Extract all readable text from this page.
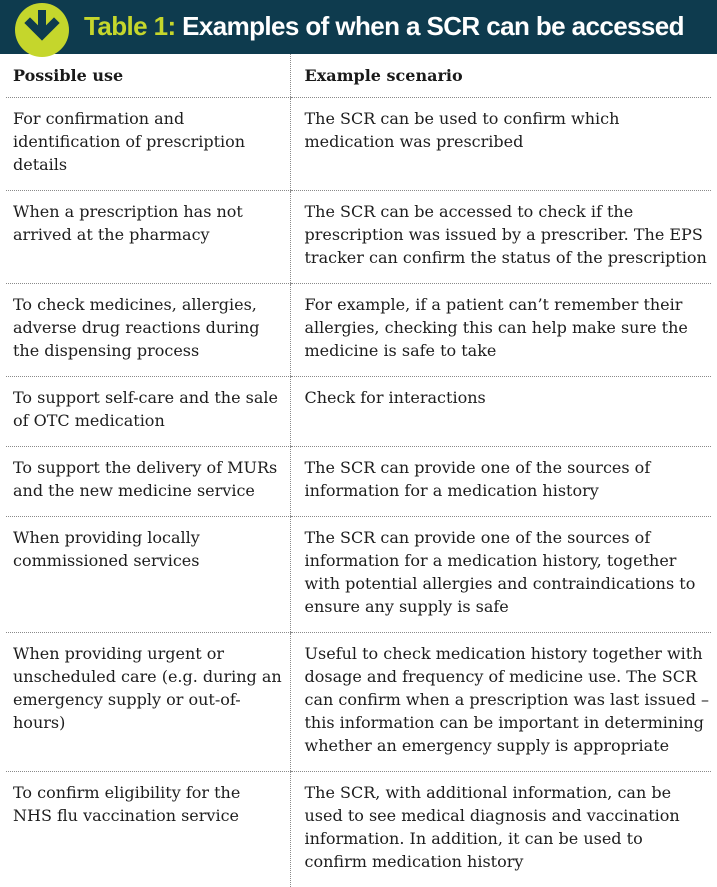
Table 1: Examples of when a SCR can be accessed
Possible use	Example scenario
For confirmation and identification of prescription details	The SCR can be used to confirm which medication was prescribed
When a prescription has not arrived at the pharmacy	The SCR can be accessed to check if the prescription was issued by a prescriber. The EPS tracker can confirm the status of the prescription
To check medicines, allergies, adverse drug reactions during the dispensing process	For example, if a patient can’t remember their allergies, checking this can help make sure the medicine is safe to take
To support self-care and the sale of OTC medication	Check for interactions
To support the delivery of MURs and the new medicine service	The SCR can provide one of the sources of information for a medication history
When providing locally commissioned services	The SCR can provide one of the sources of information for a medication history, together with potential allergies and contraindications to ensure any supply is safe
When providing urgent or unscheduled care (e.g. during an emergency supply or out-of-hours)	Useful to check medication history together with dosage and frequency of medicine use. The SCR can confirm when a prescription was last issued – this information can be important in determining whether an emergency supply is appropriate
To confirm eligibility for the NHS flu vaccination service	The SCR, with additional information, can be used to see medical diagnosis and vaccination information. In addition, it can be used to confirm medication history
